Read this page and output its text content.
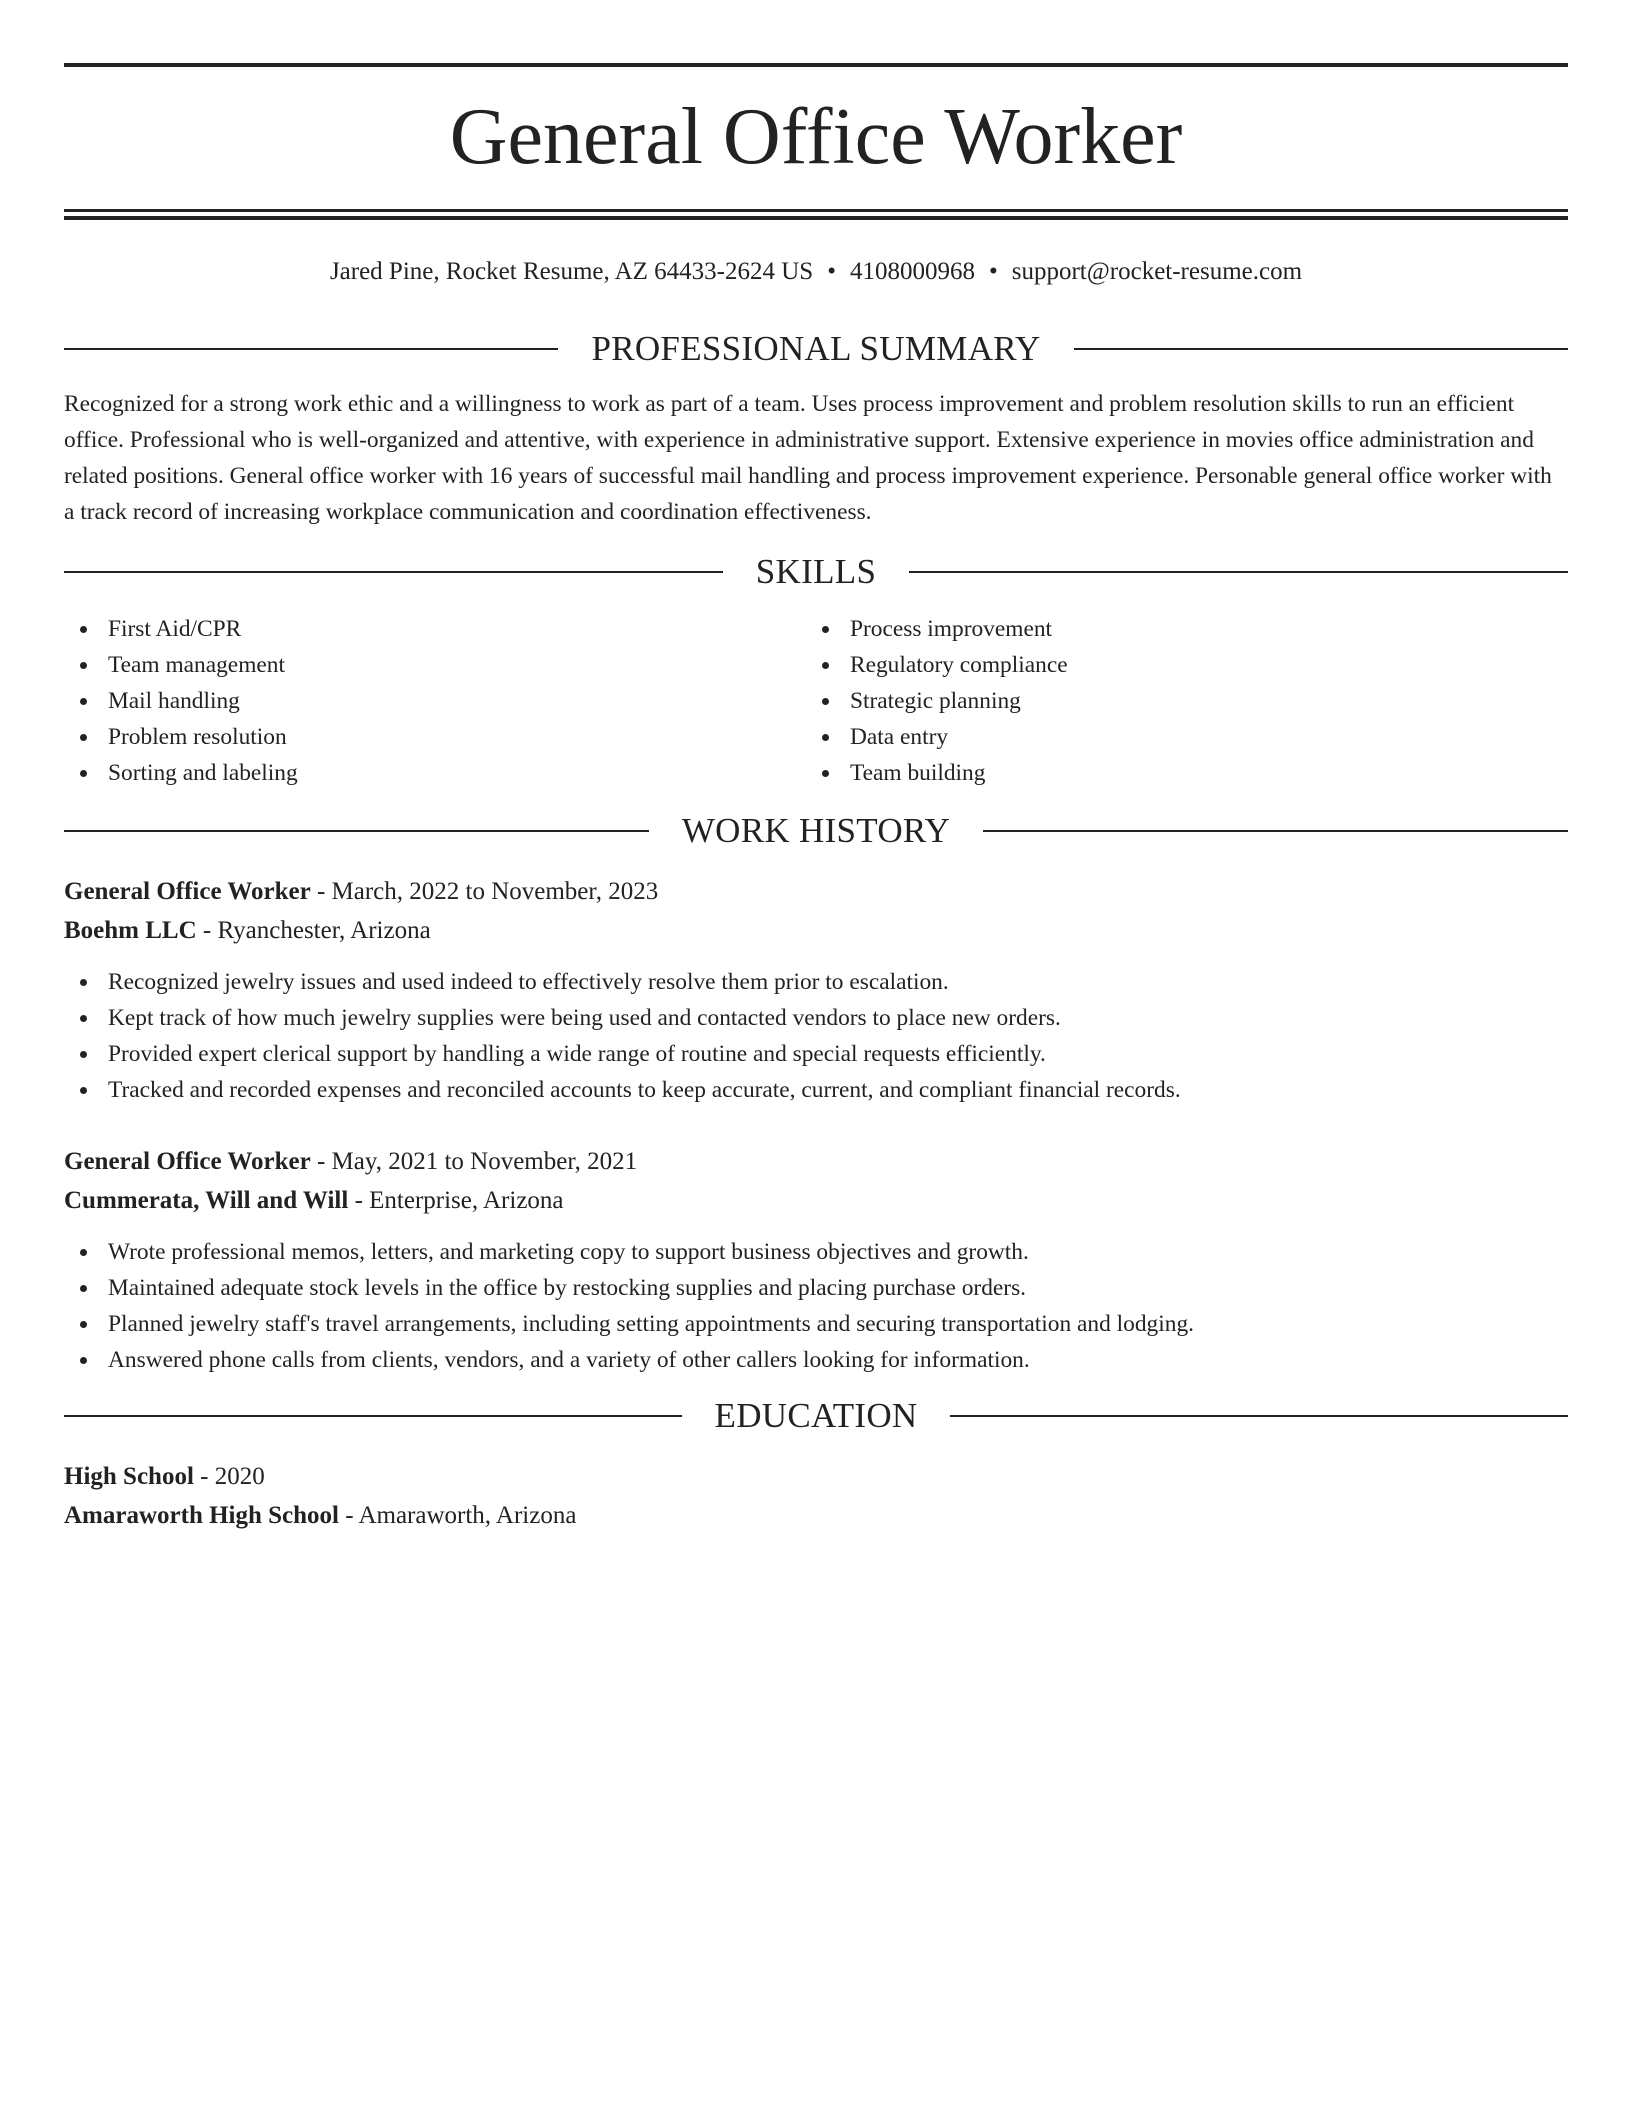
General Office Worker
Jared Pine, Rocket Resume, AZ 64433-2624 US • 4108000968 • support@rocket-resume.com
PROFESSIONAL SUMMARY

Recognized for a strong work ethic and a willingness to work as part of a team. Uses process improvement and problem resolution skills to run an efficient office. Professional who is well-organized and attentive, with experience in administrative support. Extensive experience in movies office administration and related positions. General office worker with 16 years of successful mail handling and process improvement experience. Personable general office worker with a track record of increasing workplace communication and coordination effectiveness.

SKILLS
First Aid/CPR
Team management
Mail handling
Problem resolution
Sorting and labeling
Process improvement
Regulatory compliance
Strategic planning
Data entry
Team building
WORK HISTORY
General Office Worker - March, 2022 to November, 2023
Boehm LLC - Ryanchester, Arizona
Recognized jewelry issues and used indeed to effectively resolve them prior to escalation.
Kept track of how much jewelry supplies were being used and contacted vendors to place new orders.
Provided expert clerical support by handling a wide range of routine and special requests efficiently.
Tracked and recorded expenses and reconciled accounts to keep accurate, current, and compliant financial records.
General Office Worker - May, 2021 to November, 2021
Cummerata, Will and Will - Enterprise, Arizona
Wrote professional memos, letters, and marketing copy to support business objectives and growth.
Maintained adequate stock levels in the office by restocking supplies and placing purchase orders.
Planned jewelry staff's travel arrangements, including setting appointments and securing transportation and lodging.
Answered phone calls from clients, vendors, and a variety of other callers looking for information.
EDUCATION
High School - 2020
Amaraworth High School - Amaraworth, Arizona
